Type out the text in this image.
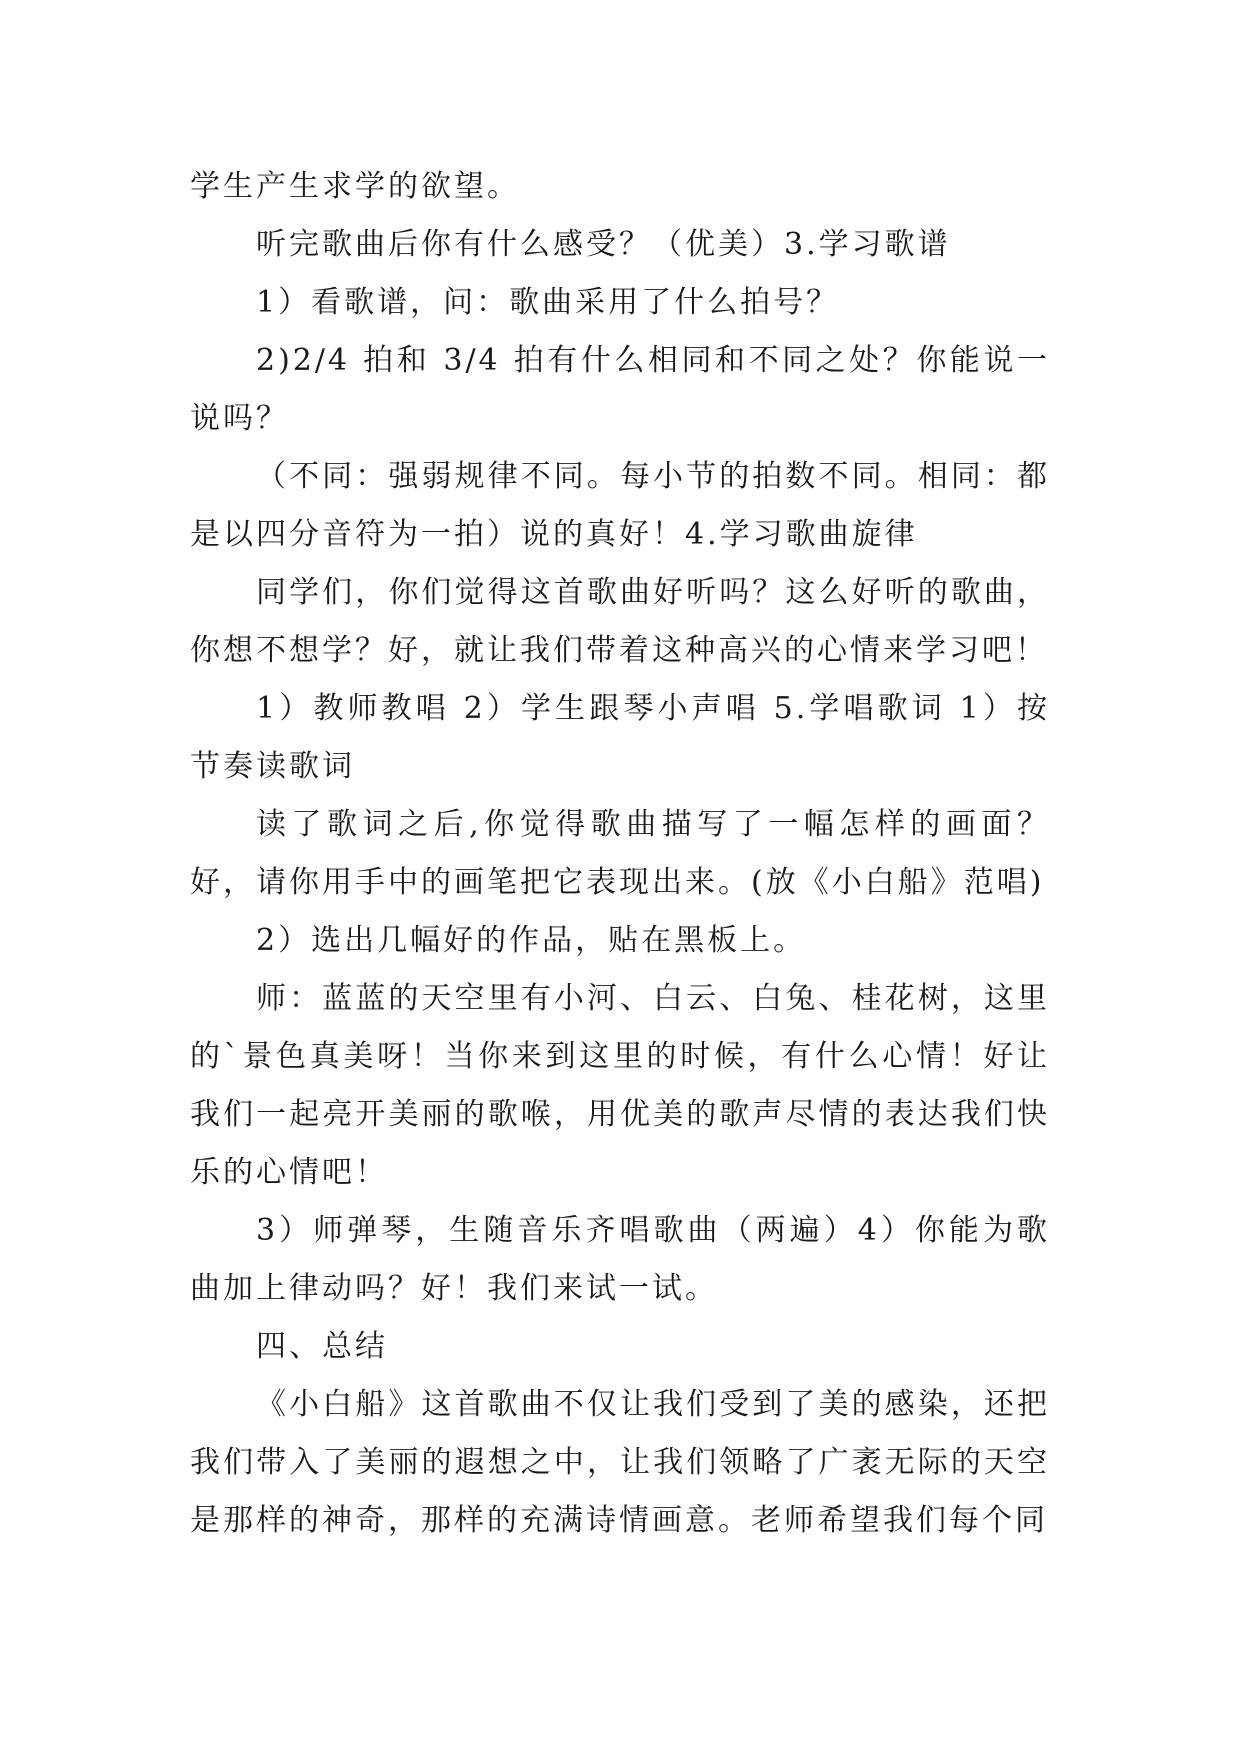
学生产生求学的欲望。

听完歌曲后你有什么感受？（优美）3.学习歌谱

1）看歌谱，问：歌曲采用了什么拍号？

2)2/4 拍和 3/4 拍有什么相同和不同之处？你能说一说吗？

（不同：强弱规律不同。每小节的拍数不同。相同：都是以四分音符为一拍）说的真好！4.学习歌曲旋律

同学们，你们觉得这首歌曲好听吗？这么好听的歌曲，你想不想学？好，就让我们带着这种高兴的心情来学习吧！

1）教师教唱 2）学生跟琴小声唱 5.学唱歌词 1）按节奏读歌词

读了歌词之后,你觉得歌曲描写了一幅怎样的画面？好，请你用手中的画笔把它表现出来。(放《小白船》范唱)

2）选出几幅好的作品，贴在黑板上。

师：蓝蓝的天空里有小河、白云、白兔、桂花树，这里的`景色真美呀！当你来到这里的时候，有什么心情！好让我们一起亮开美丽的歌喉，用优美的歌声尽情的表达我们快乐的心情吧！

3）师弹琴，生随音乐齐唱歌曲（两遍）4）你能为歌曲加上律动吗？好！我们来试一试。

四、总结

《小白船》这首歌曲不仅让我们受到了美的感染，还把我们带入了美丽的遐想之中，让我们领略了广袤无际的天空是那样的神奇，那样的充满诗情画意。老师希望我们每个同
